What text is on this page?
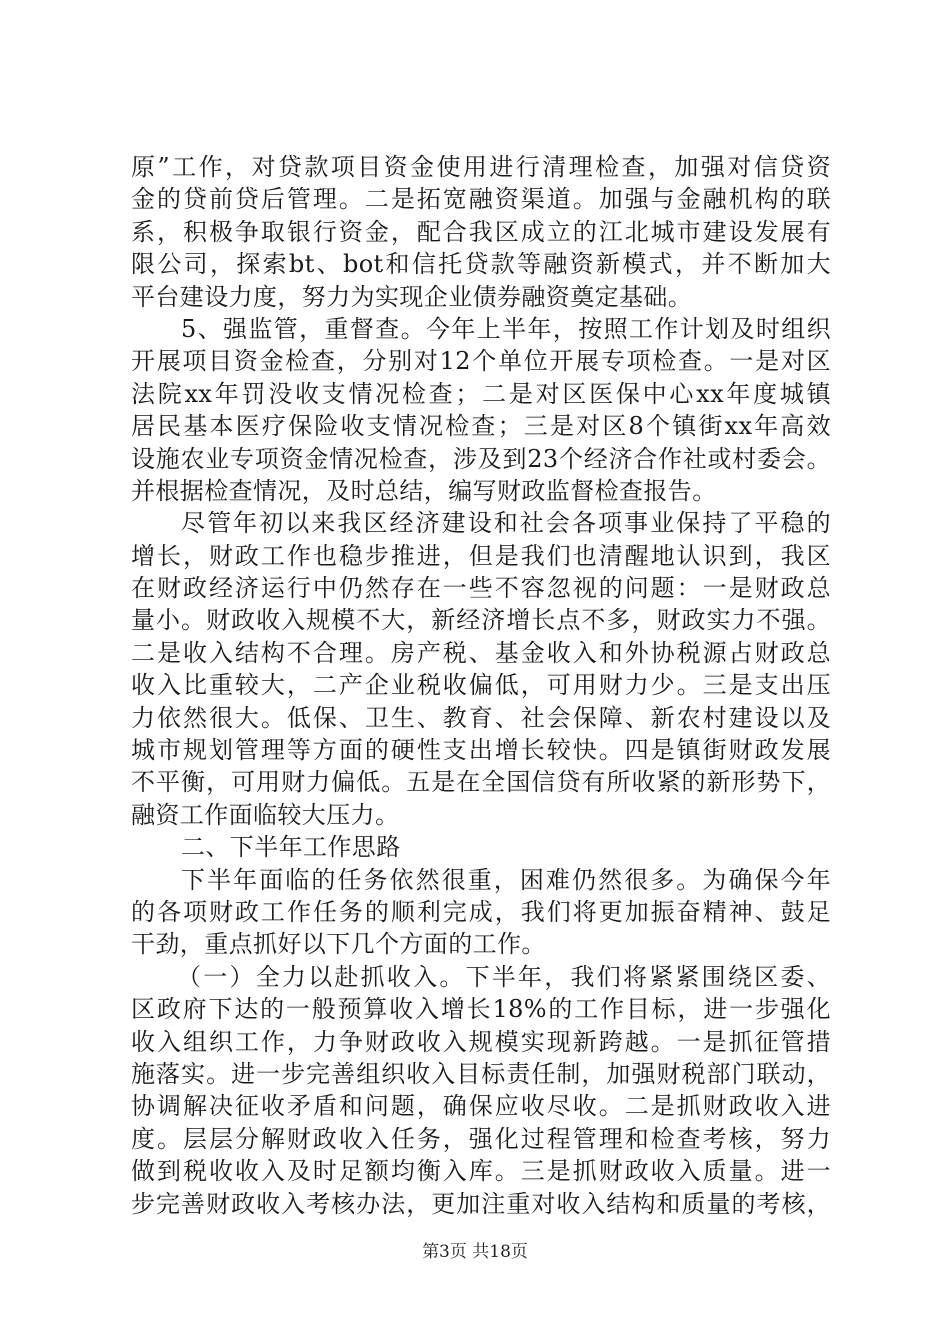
原”工作，对贷款项目资金使用进行清理检查，加强对信贷资
金的贷前贷后管理。二是拓宽融资渠道。加强与金融机构的联
系，积极争取银行资金，配合我区成立的江北城市建设发展有
限公司，探索bt、bot和信托贷款等融资新模式，并不断加大
平台建设力度，努力为实现企业债券融资奠定基础。
5、强监管，重督查。今年上半年，按照工作计划及时组织
开展项目资金检查，分别对12个单位开展专项检查。一是对区
法院xx年罚没收支情况检查；二是对区医保中心xx年度城镇
居民基本医疗保险收支情况检查；三是对区8个镇街xx年高效
设施农业专项资金情况检查，涉及到23个经济合作社或村委会。
并根据检查情况，及时总结，编写财政监督检查报告。
尽管年初以来我区经济建设和社会各项事业保持了平稳的
增长，财政工作也稳步推进，但是我们也清醒地认识到，我区
在财政经济运行中仍然存在一些不容忽视的问题：一是财政总
量小。财政收入规模不大，新经济增长点不多，财政实力不强。
二是收入结构不合理。房产税、基金收入和外协税源占财政总
收入比重较大，二产企业税收偏低，可用财力少。三是支出压
力依然很大。低保、卫生、教育、社会保障、新农村建设以及
城市规划管理等方面的硬性支出增长较快。四是镇街财政发展
不平衡，可用财力偏低。五是在全国信贷有所收紧的新形势下，
融资工作面临较大压力。
二、下半年工作思路
下半年面临的任务依然很重，困难仍然很多。为确保今年
的各项财政工作任务的顺利完成，我们将更加振奋精神、鼓足
干劲，重点抓好以下几个方面的工作。
（一）全力以赴抓收入。下半年，我们将紧紧围绕区委、
区政府下达的一般预算收入增长18%的工作目标，进一步强化
收入组织工作，力争财政收入规模实现新跨越。一是抓征管措
施落实。进一步完善组织收入目标责任制，加强财税部门联动，
协调解决征收矛盾和问题，确保应收尽收。二是抓财政收入进
度。层层分解财政收入任务，强化过程管理和检查考核，努力
做到税收收入及时足额均衡入库。三是抓财政收入质量。进一
步完善财政收入考核办法，更加注重对收入结构和质量的考核，
第3页 共18页
